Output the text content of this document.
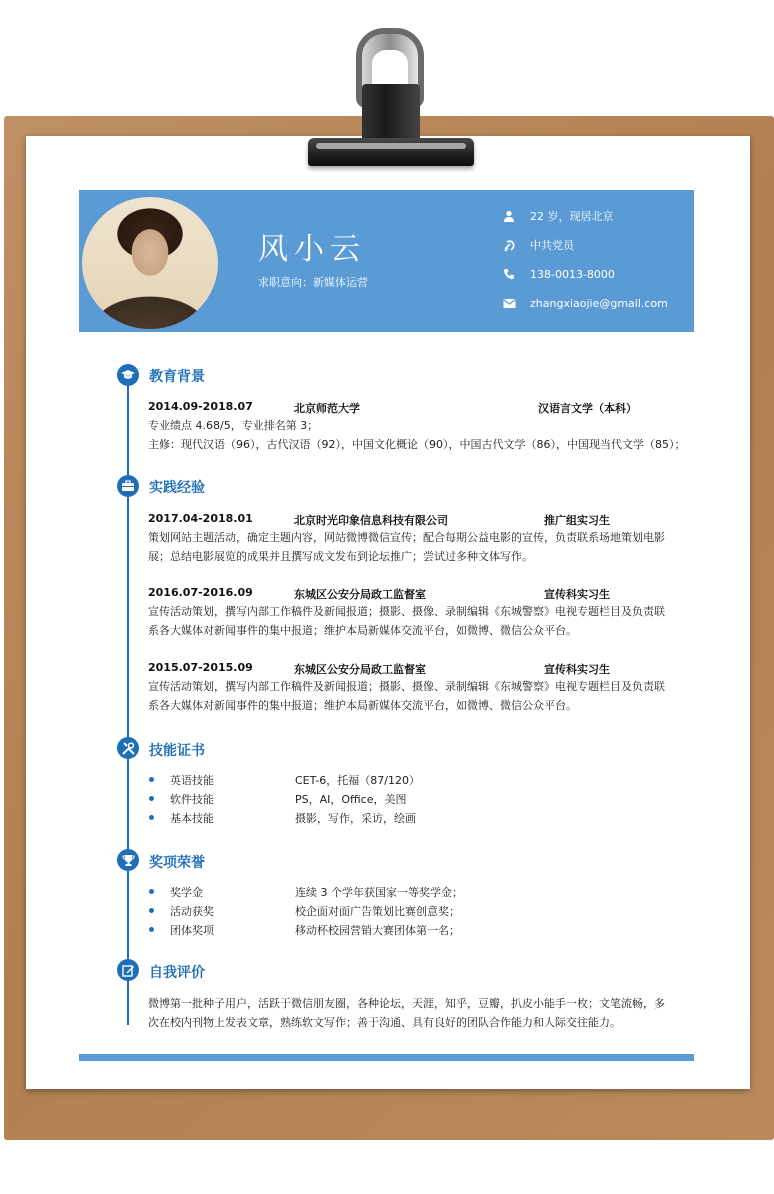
风小云
求职意向：新媒体运营
22 岁，现居北京
中共党员
138-0013-8000
zhangxiaojie@gmail.com
教育背景
2014.09-2018.07	北京师范大学	汉语言文学（本科）
专业绩点 4.68/5，专业排名第 3；
主修：现代汉语（96），古代汉语（92），中国文化概论（90），中国古代文学（86），中国现当代文学（85）；
实践经验
2017.04-2018.01	北京时光印象信息科技有限公司	推广组实习生
策划网站主题活动，确定主题内容，网站微博微信宣传；配合每期公益电影的宣传，负责联系场地策划电影
展；总结电影展览的成果并且撰写成文发布到论坛推广；尝试过多种文体写作。
2016.07-2016.09	东城区公安分局政工监督室	宣传科实习生
宣传活动策划，撰写内部工作稿件及新闻报道；摄影、摄像、录制编辑《东城警察》电视专题栏目及负责联
系各大媒体对新闻事件的集中报道；维护本局新媒体交流平台，如微博、微信公众平台。
2015.07-2015.09	东城区公安分局政工监督室	宣传科实习生
宣传活动策划，撰写内部工作稿件及新闻报道；摄影、摄像、录制编辑《东城警察》电视专题栏目及负责联
系各大媒体对新闻事件的集中报道；维护本局新媒体交流平台，如微博、微信公众平台。
技能证书
英语技能	CET-6，托福（87/120）
软件技能	PS，AI，Office，美图
基本技能	摄影，写作，采访，绘画
奖项荣誉
奖学金	连续 3 个学年获国家一等奖学金；
活动获奖	校企面对面广告策划比赛创意奖；
团体奖项	移动杯校园营销大赛团体第一名；
自我评价
微博第一批种子用户，活跃于微信朋友圈，各种论坛，天涯，知乎，豆瓣，扒皮小能手一枚；文笔流畅，多
次在校内刊物上发表文章，熟练软文写作；善于沟通、具有良好的团队合作能力和人际交往能力。
